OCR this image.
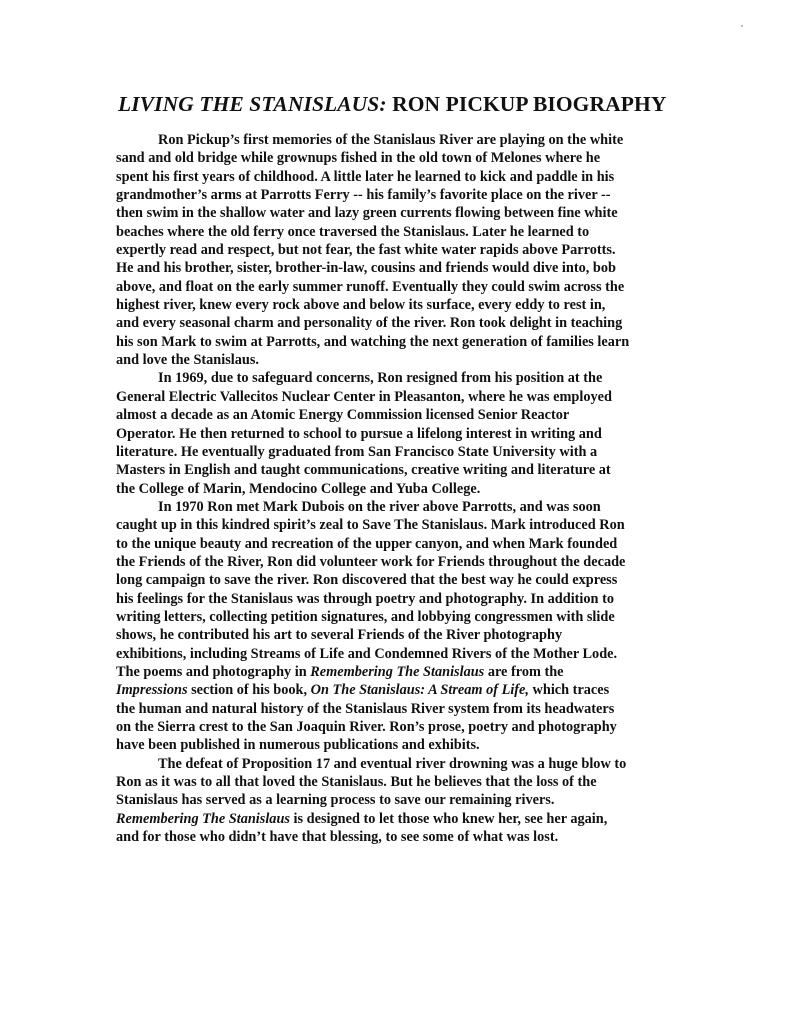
LIVING THE STANISLAUS: RON PICKUP BIOGRAPHY
Ron Pickup’s first memories of the Stanislaus River are playing on the white
sand and old bridge while grownups fished in the old town of Melones where he
spent his first years of childhood. A little later he learned to kick and paddle in his
grandmother’s arms at Parrotts Ferry -- his family’s favorite place on the river --
then swim in the shallow water and lazy green currents flowing between fine white
beaches where the old ferry once traversed the Stanislaus. Later he learned to
expertly read and respect, but not fear, the fast white water rapids above Parrotts.
He and his brother, sister, brother-in-law, cousins and friends would dive into, bob
above, and float on the early summer runoff. Eventually they could swim across the
highest river, knew every rock above and below its surface, every eddy to rest in,
and every seasonal charm and personality of the river. Ron took delight in teaching
his son Mark to swim at Parrotts, and watching the next generation of families learn
and love the Stanislaus.
In 1969, due to safeguard concerns, Ron resigned from his position at the
General Electric Vallecitos Nuclear Center in Pleasanton, where he was employed
almost a decade as an Atomic Energy Commission licensed Senior Reactor
Operator. He then returned to school to pursue a lifelong interest in writing and
literature. He eventually graduated from San Francisco State University with a
Masters in English and taught communications, creative writing and literature at
the College of Marin, Mendocino College and Yuba College.
In 1970 Ron met Mark Dubois on the river above Parrotts, and was soon
caught up in this kindred spirit’s zeal to Save The Stanislaus. Mark introduced Ron
to the unique beauty and recreation of the upper canyon, and when Mark founded
the Friends of the River, Ron did volunteer work for Friends throughout the decade
long campaign to save the river. Ron discovered that the best way he could express
his feelings for the Stanislaus was through poetry and photography. In addition to
writing letters, collecting petition signatures, and lobbying congressmen with slide
shows, he contributed his art to several Friends of the River photography
exhibitions, including Streams of Life and Condemned Rivers of the Mother Lode.
The poems and photography in Remembering The Stanislaus are from the
Impressions section of his book, On The Stanislaus: A Stream of Life, which traces
the human and natural history of the Stanislaus River system from its headwaters
on the Sierra crest to the San Joaquin River. Ron’s prose, poetry and photography
have been published in numerous publications and exhibits.
The defeat of Proposition 17 and eventual river drowning was a huge blow to
Ron as it was to all that loved the Stanislaus. But he believes that the loss of the
Stanislaus has served as a learning process to save our remaining rivers.
Remembering The Stanislaus is designed to let those who knew her, see her again,
and for those who didn’t have that blessing, to see some of what was lost.
